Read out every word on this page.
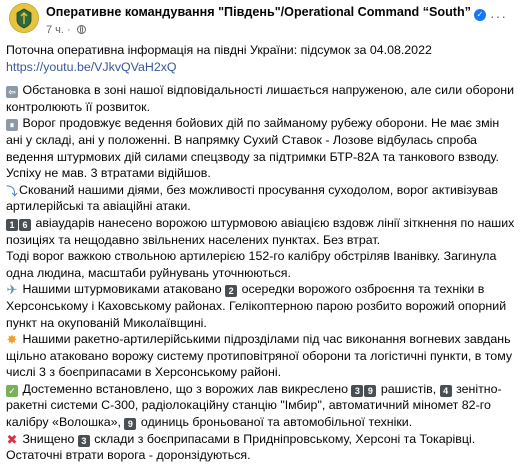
Оперативне командування "Південь"/Operational Command “South” ✓
7 ч. ·
···

Поточна оперативна інформація на півдні України: підсумок за 04.08.2022

https://youtu.be/VJkvQVaH2xQ

⇦ Обстановка в зоні нашої відповідальності лишається напруженою, але сили оборони контролюють її розвиток.

⏸ Ворог продовжує ведення бойових дій по займаному рубежу оборони. Не має змін ані у складі, ані у положенні. В напрямку Сухий Ставок - Лозове відбулась спроба ведення штурмових дій силами спецзводу за підтримки БТР-82А та танкового взводу. Успіху не мав. 3 втратами відійшов.

⤵ Скований нашими діями, без можливості просування суходолом, ворог активізував артилерійські та авіаційні атаки.

1 6 авіаударів нанесено ворожою штурмовою авіацією вздовж лінії зіткнення по наших позиціях та нещодавно звільнених населених пунктах. Без втрат.

Тоді ворог важкою ствольною артилерією 152-го калібру обстріляв Іванівку. Загинула одна людина, масштаби руйнувань уточнюються.

✈ Нашими штурмовиками атаковано 2 осередки ворожого озброєння та техніки в Херсонському і Каховському районах. Гелікоптерною парою розбито ворожий опорний пункт на окупованій Миколаївщині.

✸ Нашими ракетно-артилерійськими підрозділами під час виконання вогневих завдань щільно атаковано ворожу систему протиповітряної оборони та логістичні пункти, в тому числі 3 з боєприпасами в Херсонському районі.

✓ Достеменно встановлено, що з ворожих лав викреслено 3 9 рашистів, 4 зенітно-ракетні системи С-300, радіолокаційну станцію "Імбир", автоматичний міномет 82-го калібру «Волошка», 9 одиниць броньованої та автомобільної техніки.

✖ Знищено 3 склади з боєприпасами в Придніпровському, Херсоні та Токарівці.

Остаточні втрати ворога - доронзідуються.
